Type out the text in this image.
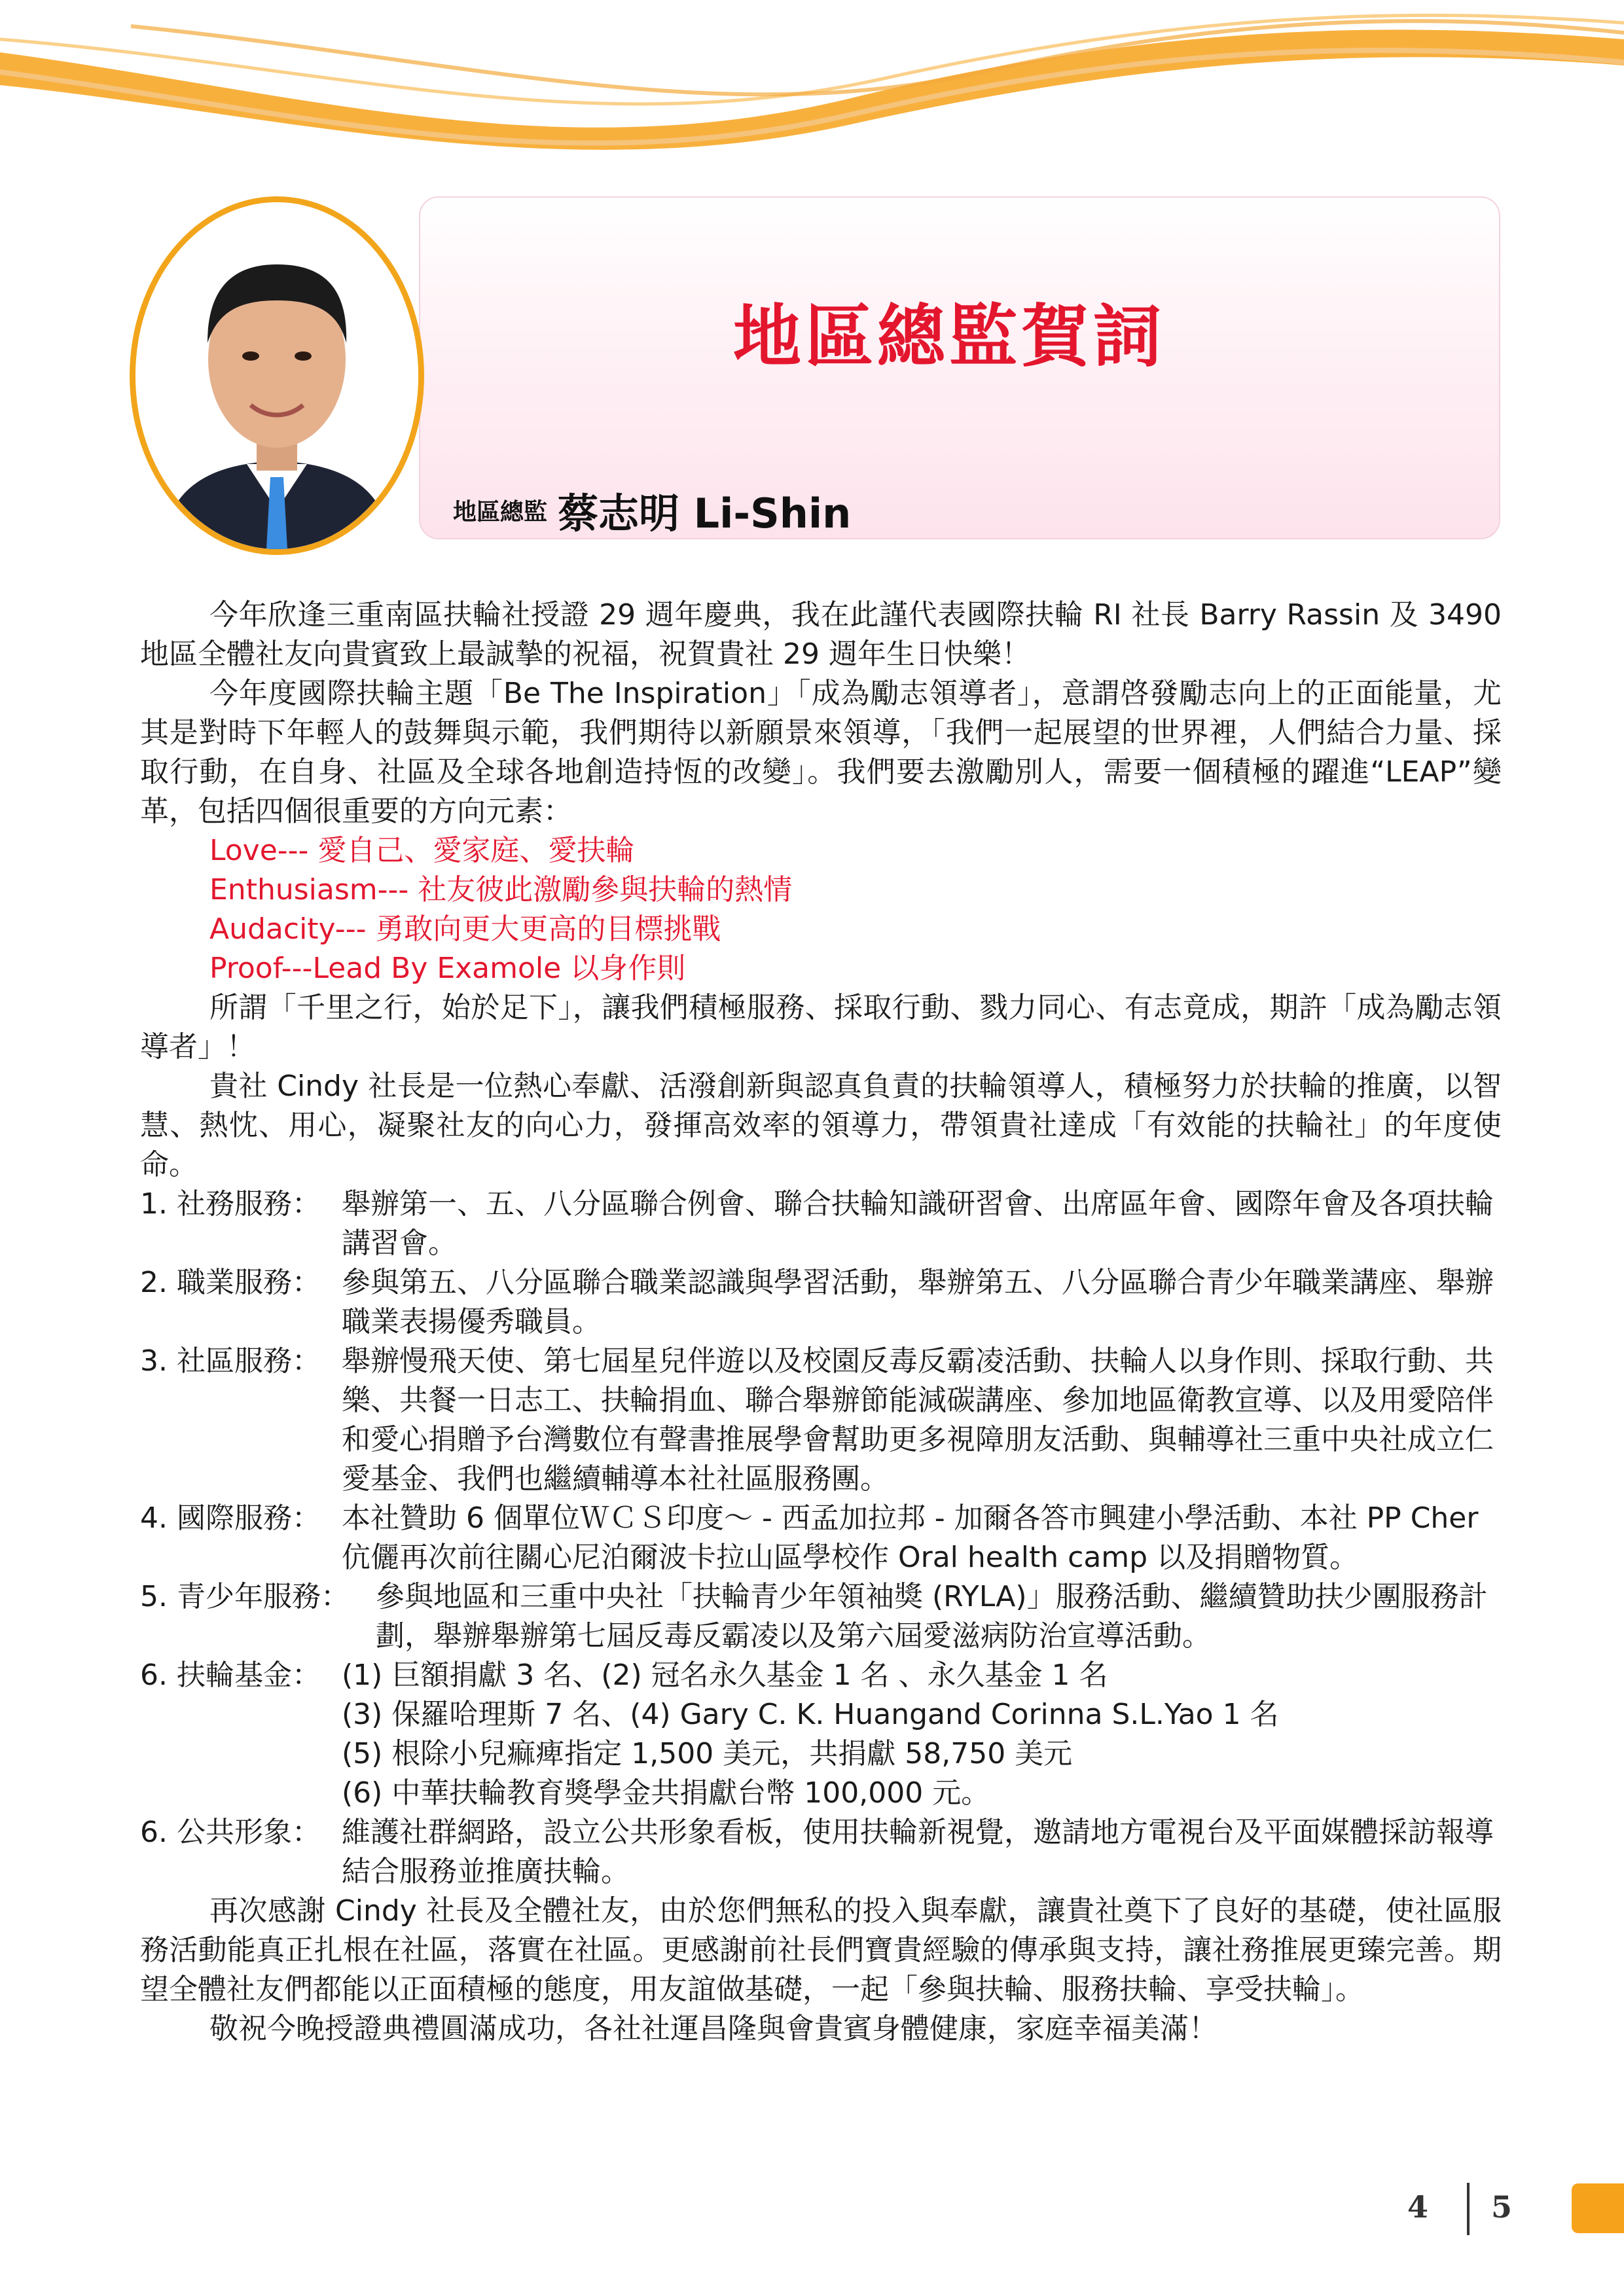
地區總監賀詞
地區總監 蔡志明 Li-Shin

今年欣逢三重南區扶輪社授證 29 週年慶典，我在此謹代表國際扶輪 RI 社長 Barry Rassin 及 3490 地區全體社友向貴賓致上最誠摯的祝福，祝賀貴社 29 週年生日快樂！

今年度國際扶輪主題「Be The Inspiration」「成為勵志領導者」，意謂啓發勵志向上的正面能量，尤其是對時下年輕人的鼓舞與示範，我們期待以新願景來領導，「我們一起展望的世界裡，人們結合力量、採取行動，在自身、社區及全球各地創造持恆的改變」。我們要去激勵別人，需要一個積極的躍進“LEAP”變革，包括四個很重要的方向元素：

Love--- 愛自己、愛家庭、愛扶輪
Enthusiasm--- 社友彼此激勵參與扶輪的熱情
Audacity--- 勇敢向更大更高的目標挑戰
Proof---Lead By Examole 以身作則

所謂「千里之行，始於足下」，讓我們積極服務、採取行動、戮力同心、有志竟成，期許「成為勵志領導者」！

貴社 Cindy 社長是一位熱心奉獻、活潑創新與認真負責的扶輪領導人，積極努力於扶輪的推廣，以智慧、熱忱、用心，凝聚社友的向心力，發揮高效率的領導力，帶領貴社達成「有效能的扶輪社」的年度使命。

1. 社務服務： 舉辦第一、五、八分區聯合例會、聯合扶輪知識研習會、出席區年會、國際年會及各項扶輪講習會。
2. 職業服務： 參與第五、八分區聯合職業認識與學習活動，舉辦第五、八分區聯合青少年職業講座、舉辦職業表揚優秀職員。
3. 社區服務： 舉辦慢飛天使、第七屆星兒伴遊以及校園反毒反霸凌活動、扶輪人以身作則、採取行動、共樂、共餐一日志工、扶輪捐血、聯合舉辦節能減碳講座、參加地區衛教宣導、以及用愛陪伴和愛心捐贈予台灣數位有聲書推展學會幫助更多視障朋友活動、與輔導社三重中央社成立仁愛基金、我們也繼續輔導本社社區服務團。
4. 國際服務： 本社贊助 6 個單位ＷＣＳ印度～ - 西孟加拉邦 - 加爾各答市興建小學活動、本社 PP Cher 伉儷再次前往關心尼泊爾波卡拉山區學校作 Oral health camp 以及捐贈物質。
5. 青少年服務： 參與地區和三重中央社「扶輪青少年領袖獎 (RYLA)」服務活動、繼續贊助扶少團服務計劃，舉辦舉辦第七屆反毒反霸凌以及第六屆愛滋病防治宣導活動。
6. 扶輪基金： (1) 巨額捐獻 3 名、(2) 冠名永久基金 1 名 、永久基金 1 名
(3) 保羅哈理斯 7 名、(4) Gary C. K. Huangand Corinna S.L.Yao 1 名
(5) 根除小兒痲痺指定 1,500 美元，共捐獻 58,750 美元
(6) 中華扶輪教育獎學金共捐獻台幣 100,000 元。
6. 公共形象： 維護社群網路，設立公共形象看板，使用扶輪新視覺，邀請地方電視台及平面媒體採訪報導結合服務並推廣扶輪。

再次感謝 Cindy 社長及全體社友，由於您們無私的投入與奉獻，讓貴社奠下了良好的基礎，使社區服務活動能真正扎根在社區，落實在社區。更感謝前社長們寶貴經驗的傳承與支持，讓社務推展更臻完善。期望全體社友們都能以正面積極的態度，用友誼做基礎，一起「參與扶輪、服務扶輪、享受扶輪」。

敬祝今晚授證典禮圓滿成功，各社社運昌隆與會貴賓身體健康，家庭幸福美滿！

4 5
